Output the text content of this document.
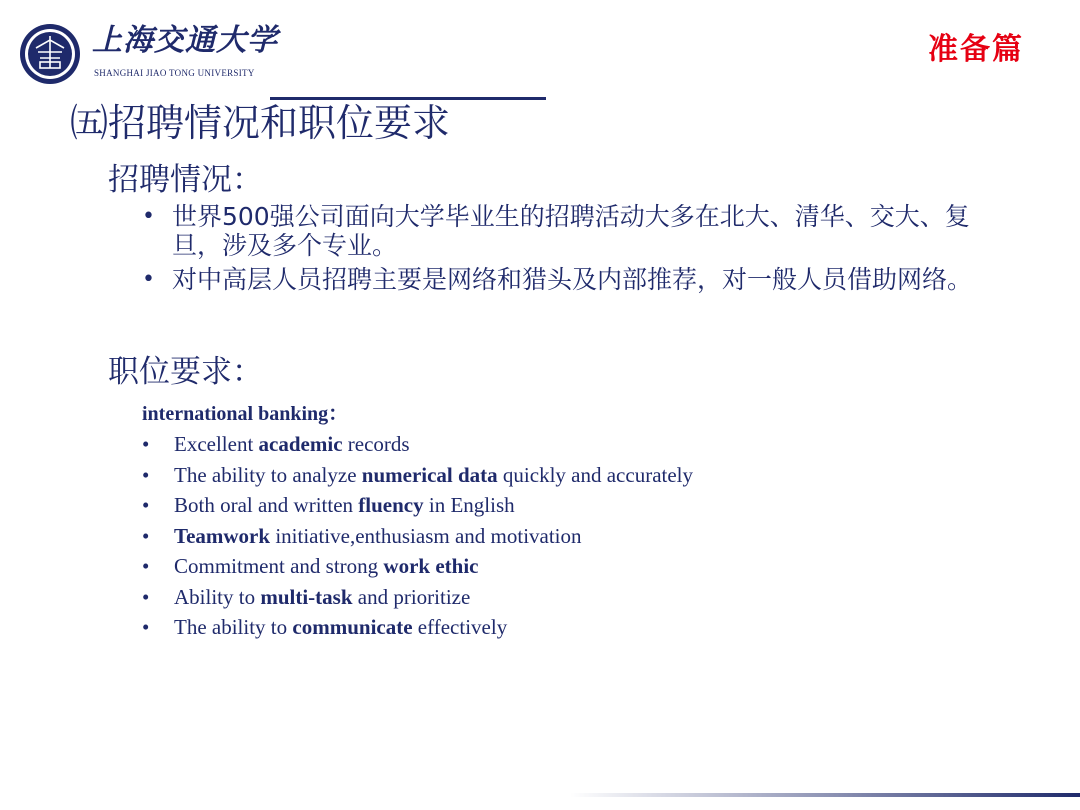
上海交通大学
SHANGHAI JIAO TONG UNIVERSITY
准备篇
㈤招聘情况和职位要求
招聘情况：
• 世界500强公司面向大学毕业生的招聘活动大多在北大、清华、交大、复旦，涉及多个专业。
• 对中高层人员招聘主要是网络和猎头及内部推荐，对一般人员借助网络。
职位要求：
international banking：
• Excellent academic records
• The ability to analyze numerical data quickly and accurately
• Both oral and written fluency in English
• Teamwork initiative,enthusiasm and motivation
• Commitment and strong work ethic
• Ability to multi-task and prioritize
• The ability to communicate effectively
